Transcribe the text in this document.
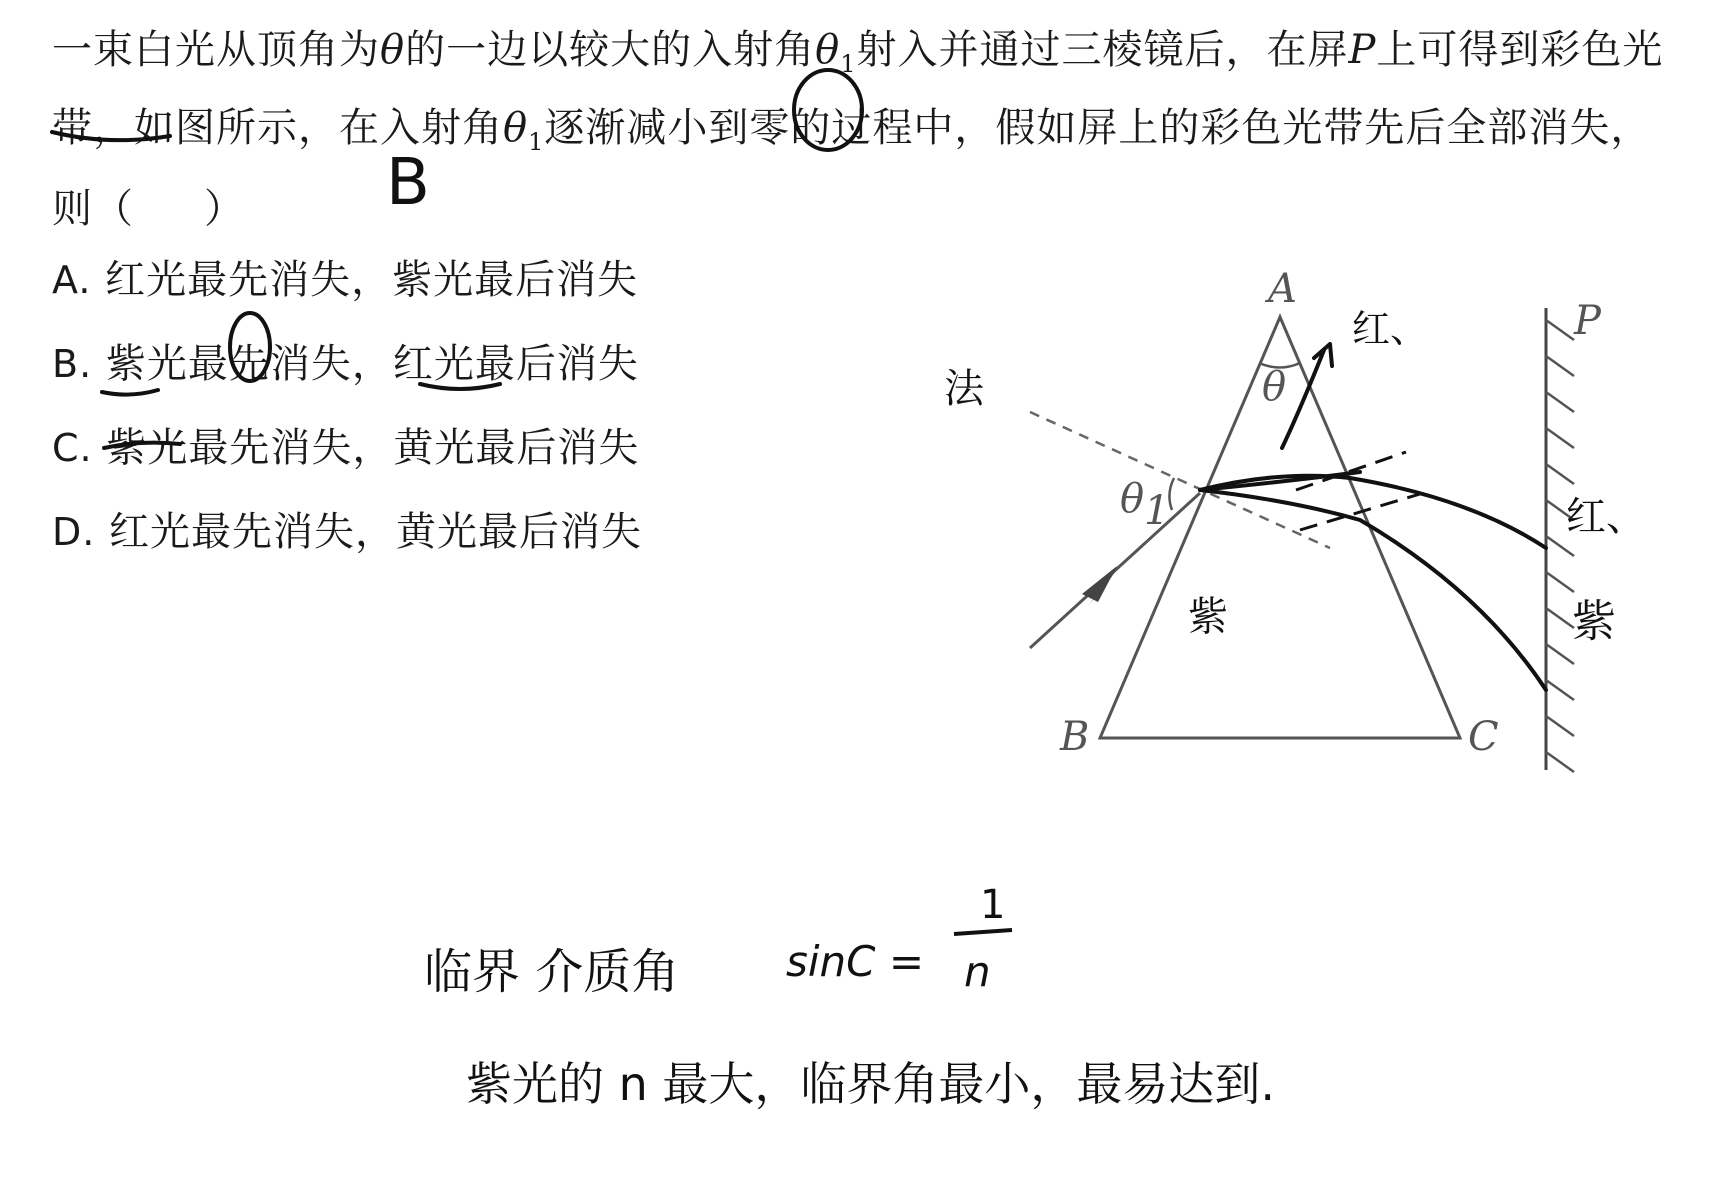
一束白光从顶角为θ的一边以较大的入射角$\theta_1$射入并通过三棱镜后，在屏P上可得到彩色光带，如图所示，在入射角$\theta_1$逐渐减小到零的过程中，假如屏上的彩色光带先后全部消失，则（ ）
A. 红光最先消失，紫光最后消失
B. 紫光最先消失，红光最后消失
C. 紫光最先消失，黄光最后消失
D. 红光最先消失，黄光最后消失
B
A
B	C
P
θ
θ 1
法
红、
红、
紫	紫
临界 介质角	sinC =
1
n
紫光的 n 最大，临界角最小，最易达到.
